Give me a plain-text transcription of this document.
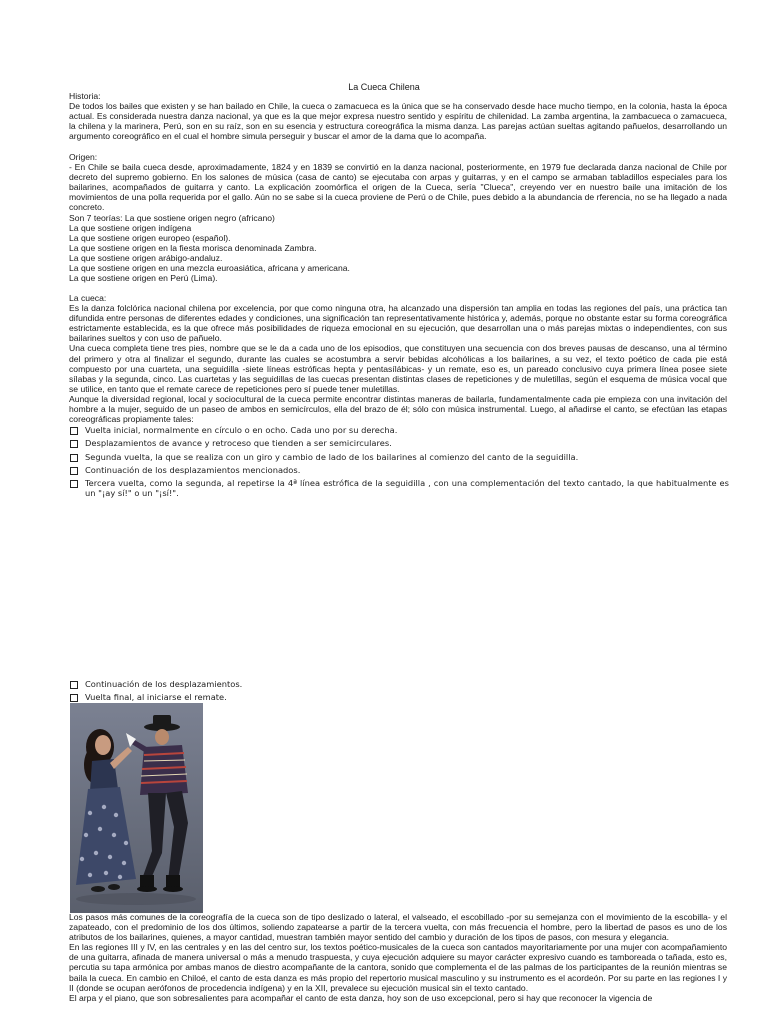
La Cueca Chilena
Historia:

De todos los bailes que existen y se han bailado en Chile, la cueca o zamacueca es la única que se ha conservado desde hace mucho tiempo, en la colonia, hasta la época actual. Es considerada nuestra danza nacional, ya que es la que mejor expresa nuestro sentido y espíritu de chilenidad. La zamba argentina, la zambacueca o zamacueca, la chilena y la marinera, Perú, son en su raíz, son en su esencia y estructura coreográfica la misma danza. Las parejas actúan sueltas agitando pañuelos, desarrollando un argumento coreográfico en el cual el hombre simula perseguir y buscar el amor de la dama que lo acompaña.

Origen:

- En Chile se baila cueca desde, aproximadamente, 1824 y en 1839 se convirtió en la danza nacional, posteriormente, en 1979 fue declarada danza nacional de Chile por decreto del supremo gobierno. En los salones de música (casa de canto) se ejecutaba con arpas y guitarras, y en el campo se armaban tabladillos especiales para los bailarines, acompañados de guitarra y canto. La explicación zoomórfica el origen de la Cueca, sería "Clueca", creyendo ver en nuestro baile una imitación de los movimientos de una polla requerida por el gallo. Aún no se sabe si la cueca proviene de Perú o de Chile, pues debido a la abundancia de rferencia, no se ha llegado a nada concreto.

Son 7 teorías: La que sostiene origen negro (africano)
La que sostiene origen indígena
La que sostiene origen europeo (español).
La que sostiene origen en la fiesta morisca denominada Zambra.
La que sostiene origen arábigo-andaluz.
La que sostiene origen en una mezcla euroasiática, africana y americana.
La que sostiene origen en Perú (Lima).
La cueca:

Es la danza folclórica nacional chilena por excelencia, por que como ninguna otra, ha alcanzado una dispersión tan amplia en todas las regiones del país, una práctica tan difundida entre personas de diferentes edades y condiciones, una significación tan representativamente histórica y, además, porque no obstante estar su forma coreográfica estrictamente establecida, es la que ofrece más posibilidades de riqueza emocional en su ejecución, que desarrollan una o más parejas mixtas o independientes, con sus bailarines sueltos y con uso de pañuelo.

Una cueca completa tiene tres pies, nombre que se le da a cada uno de los episodios, que constituyen una secuencia con dos breves pausas de descanso, una al término del primero y otra al finalizar el segundo, durante las cuales se acostumbra a servir bebidas alcohólicas a los bailarines, a su vez, el texto poético de cada pie está compuesto por una cuarteta, una seguidilla -siete líneas estróficas hepta y pentasílábicas- y un remate, eso es, un pareado conclusivo cuya primera línea posee siete sílabas y la segunda, cinco. Las cuartetas y las seguidillas de las cuecas presentan distintas clases de repeticiones y de muletillas, según el esquema de música vocal que se utilice, en tanto que el remate carece de repeticiones pero sí puede tener muletillas.

Aunque la diversidad regional, local y sociocultural de la cueca permite encontrar distintas maneras de bailarla, fundamentalmente cada pie empieza con una invitación del hombre a la mujer, seguido de un paseo de ambos en semicírculos, ella del brazo de él; sólo con música instrumental. Luego, al añadirse el canto, se efectúan las etapas coreográficas propiamente tales:

Vuelta inicial, normalmente en círculo o en ocho. Cada uno por su derecha.
Desplazamientos de avance y retroceso que tienden a ser semicirculares.
Segunda vuelta, la que se realiza con un giro y cambio de lado de los bailarines al comienzo del canto de la seguidilla.
Continuación de los desplazamientos mencionados.
Tercera vuelta, como la segunda, al repetirse la 4ª línea estrófica de la seguidilla , con una complementación del texto cantado, la que habitualmente es un "¡ay sí!" o un "¡sí!".
Continuación de los desplazamientos.
Vuelta final, al iniciarse el remate.

Los pasos más comunes de la coreografía de la cueca son de tipo deslizado o lateral, el valseado, el escobillado -por su semejanza con el movimiento de la escobilla- y el zapateado, con el predominio de los dos últimos, soliendo zapatearse a partir de la tercera vuelta, con más frecuencia el hombre, pero la libertad de pasos es uno de los atributos de los bailarines, quienes, a mayor cantidad, muestran también mayor sentido del cambio y duración de los tipos de pasos, con mesura y elegancia.

En las regiones III y IV, en las centrales y en las del centro sur, los textos poético-musicales de la cueca son cantados mayoritariamente por una mujer con acompañamiento de una guitarra, afinada de manera universal o más a menudo traspuesta, y cuya ejecución adquiere su mayor carácter expresivo cuando es tamboreada o tañada, esto es, percutia su tapa armónica por ambas manos de diestro acompañante de la cantora, sonido que complementa el de las palmas de los participantes de la reunión mientras se baila la cueca. En cambio en Chiloé, el canto de esta danza es más propio del repertorio musical masculino y su instrumento es el acordeón. Por su parte en las regiones I y II (donde se ocupan aerófonos de procedencia indígena) y en la XII, prevalece su ejecución musical sin el texto cantado.

El arpa y el piano, que son sobresalientes para acompañar el canto de esta danza, hoy son de uso excepcional, pero si hay que reconocer la vigencia de
